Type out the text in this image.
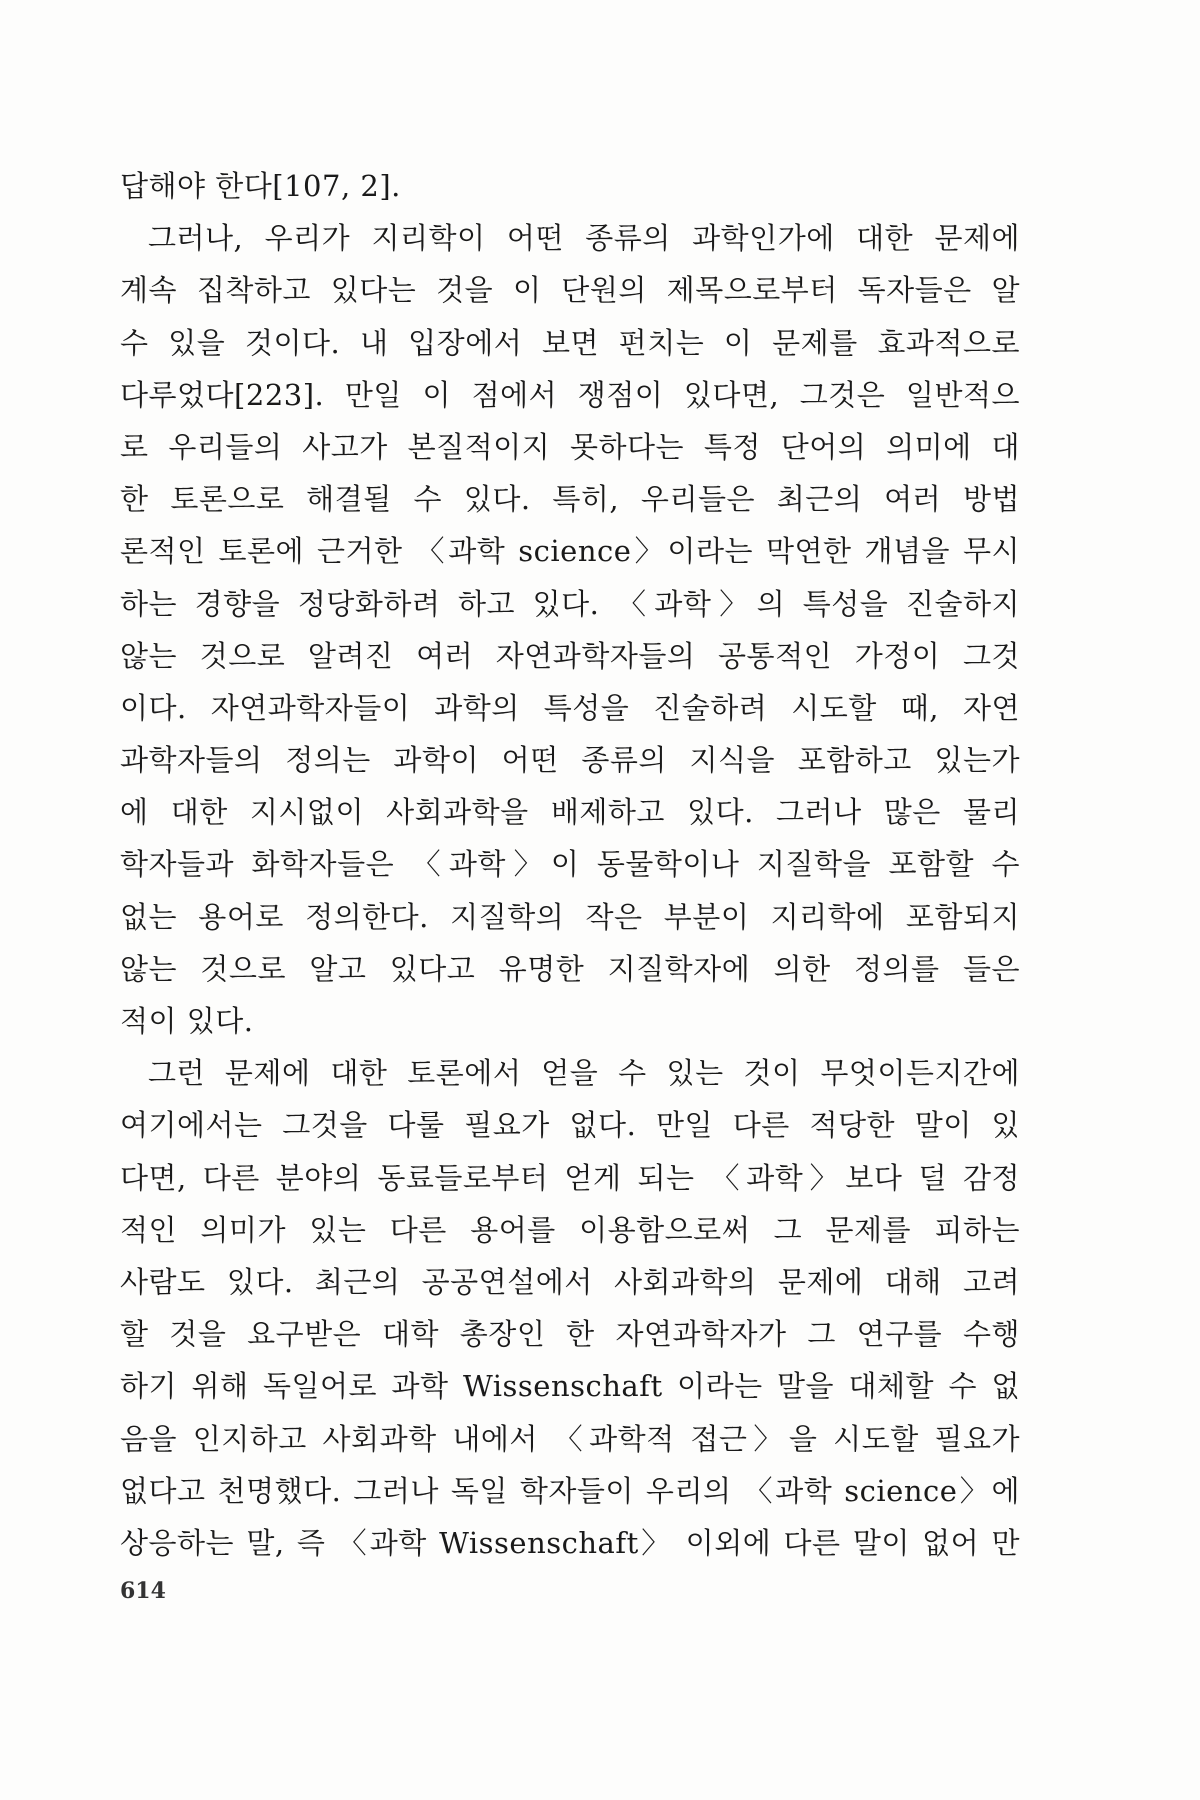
답해야 한다[107, 2].
그러나, 우리가 지리학이 어떤 종류의 과학인가에 대한 문제에
계속 집착하고 있다는 것을 이 단원의 제목으로부터 독자들은 알
수 있을 것이다. 내 입장에서 보면 펀치는 이 문제를 효과적으로
다루었다[223]. 만일 이 점에서 쟁점이 있다면, 그것은 일반적으
로 우리들의 사고가 본질적이지 못하다는 특정 단어의 의미에 대
한 토론으로 해결될 수 있다. 특히, 우리들은 최근의 여러 방법
론적인 토론에 근거한 〈과학 science〉이라는 막연한 개념을 무시
하는 경향을 정당화하려 하고 있다. 〈과학〉의 특성을 진술하지
않는 것으로 알려진 여러 자연과학자들의 공통적인 가정이 그것
이다. 자연과학자들이 과학의 특성을 진술하려 시도할 때, 자연
과학자들의 정의는 과학이 어떤 종류의 지식을 포함하고 있는가
에 대한 지시없이 사회과학을 배제하고 있다. 그러나 많은 물리
학자들과 화학자들은 〈과학〉이 동물학이나 지질학을 포함할 수
없는 용어로 정의한다. 지질학의 작은 부분이 지리학에 포함되지
않는 것으로 알고 있다고 유명한 지질학자에 의한 정의를 들은
적이 있다.
그런 문제에 대한 토론에서 얻을 수 있는 것이 무엇이든지간에
여기에서는 그것을 다룰 필요가 없다. 만일 다른 적당한 말이 있
다면, 다른 분야의 동료들로부터 얻게 되는 〈과학〉보다 덜 감정
적인 의미가 있는 다른 용어를 이용함으로써 그 문제를 피하는
사람도 있다. 최근의 공공연설에서 사회과학의 문제에 대해 고려
할 것을 요구받은 대학 총장인 한 자연과학자가 그 연구를 수행
하기 위해 독일어로 과학 Wissenschaft 이라는 말을 대체할 수 없
음을 인지하고 사회과학 내에서 〈과학적 접근〉을 시도할 필요가
없다고 천명했다. 그러나 독일 학자들이 우리의 〈과학 science〉에
상응하는 말, 즉 〈과학 Wissenschaft〉 이외에 다른 말이 없어 만
614
